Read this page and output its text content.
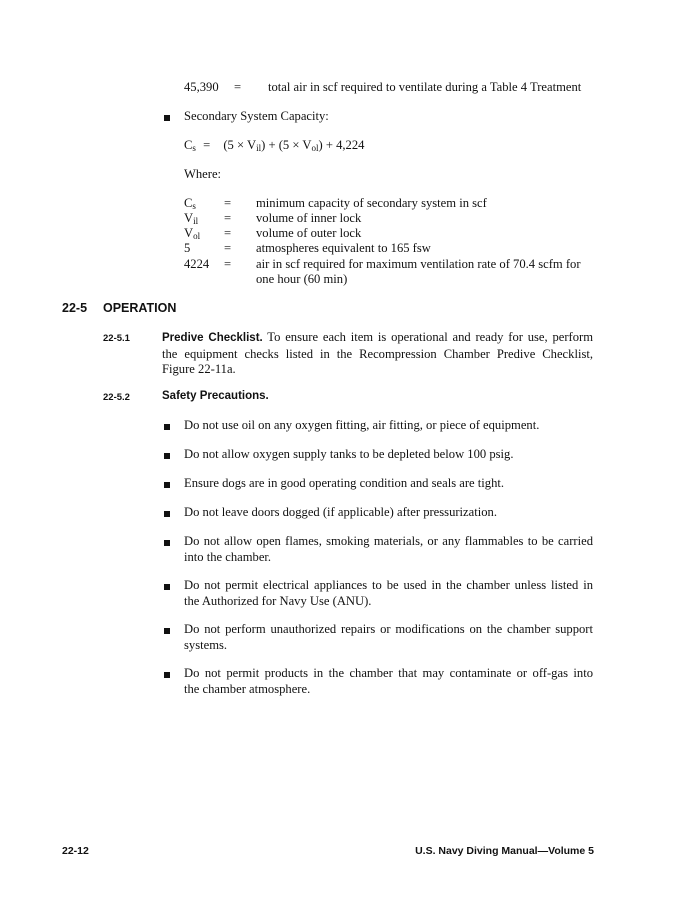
45,390 = total air in scf required to ventilate during a Table 4 Treatment
Secondary System Capacity:
$C_s = (5 \times V_{il}) + (5 \times V_{ol}) + 4,224$
Where:
$C_s$ = minimum capacity of secondary system in scf
$V_{il}$ = volume of inner lock
$V_{ol}$ = volume of outer lock
5	= atmospheres equivalent to 165 fsw
4224 = air in scf required for maximum ventilation rate of 70.4 scfm for
one hour (60 min)
22-5 OPERATION
22-5.1	Predive Checklist. To ensure each item is operational and ready for use, perform
the equipment checks listed in the Recompression Chamber Predive Checklist,
Figure 22-11a.
22-5.2	Safety Precautions.
Do not use oil on any oxygen fitting, air fitting, or piece of equipment.
Do not allow oxygen supply tanks to be depleted below 100 psig.
Ensure dogs are in good operating condition and seals are tight.
Do not leave doors dogged (if applicable) after pressurization.
Do not allow open flames, smoking materials, or any flammables to be carried
into the chamber.
Do not permit electrical appliances to be used in the chamber unless listed in
the Authorized for Navy Use (ANU).
Do not perform unauthorized repairs or modifications on the chamber support
systems.
Do not permit products in the chamber that may contaminate or off-gas into
the chamber atmosphere.
22-12	U.S. Navy Diving Manual—Volume 5
